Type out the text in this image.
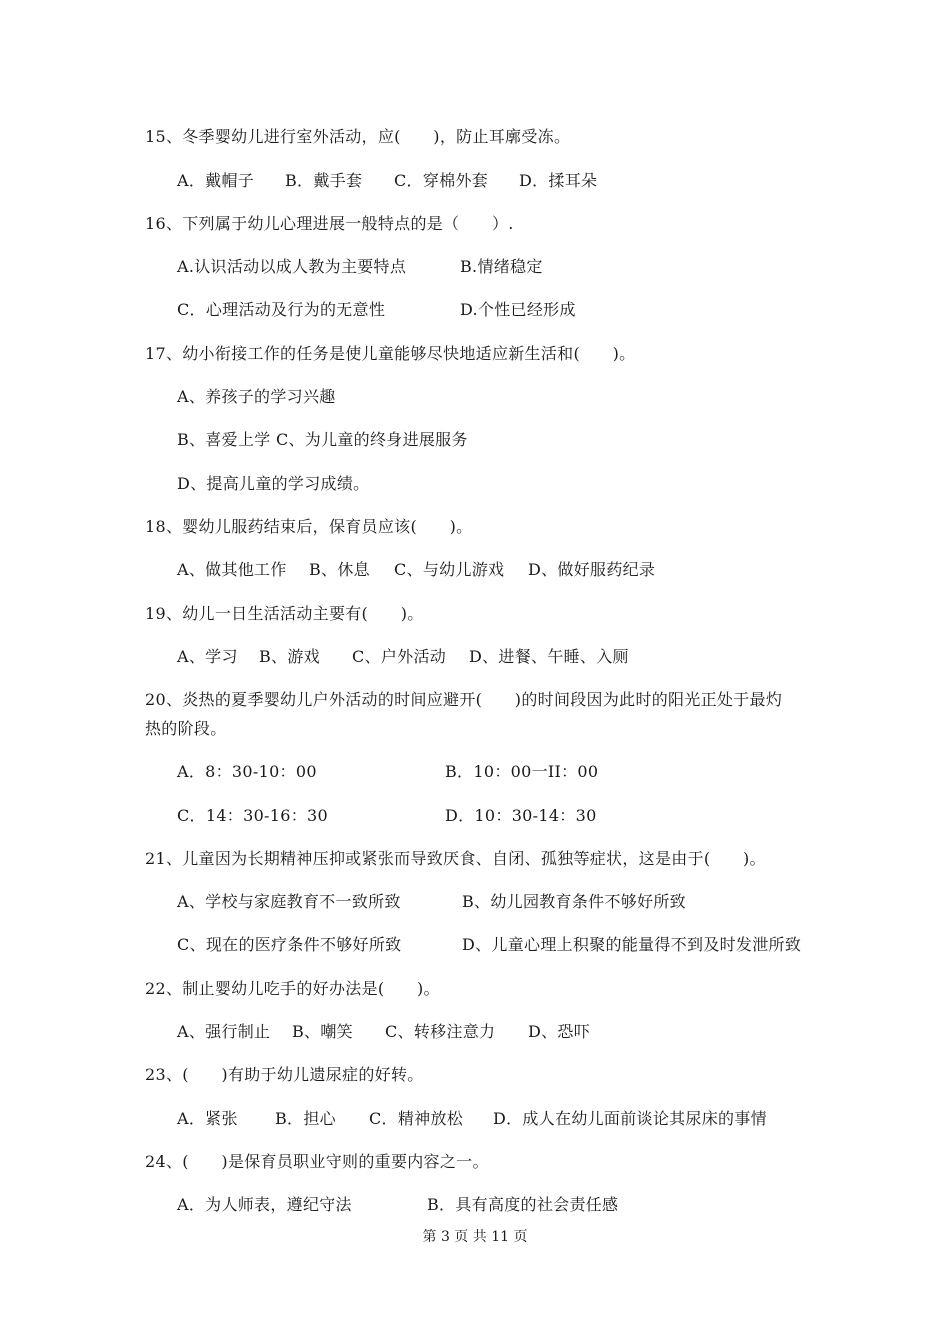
15、冬季婴幼儿进行室外活动，应(　　)，防止耳廓受冻。
A．戴帽子 B．戴手套 C．穿棉外套 D．揉耳朵
16、下列属于幼儿心理进展一般特点的是（　　）.
A.认识活动以成人教为主要特点	B.情绪稳定
C．心理活动及行为的无意性	D.个性已经形成
17、幼小衔接工作的任务是使儿童能够尽快地适应新生活和(　　)。
A、养孩子的学习兴趣
B、喜爱上学 C、为儿童的终身进展服务
D、提高儿童的学习成绩。
18、婴幼儿服药结束后，保育员应该(　　)。
A、做其他工作 B、休息 C、与幼儿游戏 D、做好服药纪录
19、幼儿一日生活活动主要有(　　)。
A、学习 B、游戏 C、户外活动 D、进餐、午睡、入厕
20、炎热的夏季婴幼儿户外活动的时间应避开(　　)的时间段因为此时的阳光正处于最灼
热的阶段。
A．8：30-10：00	B．10：00一II：00
C．14：30-16：30	D．10：30-14：30
21、儿童因为长期精神压抑或紧张而导致厌食、自闭、孤独等症状，这是由于(　　)。
A、学校与家庭教育不一致所致	B、幼儿园教育条件不够好所致
C、现在的医疗条件不够好所致	D、儿童心理上积聚的能量得不到及时发泄所致
22、制止婴幼儿吃手的好办法是(　　)。
A、强行制止 B、嘲笑 C、转移注意力 D、恐吓
23、(　　)有助于幼儿遗尿症的好转。
A．紧张 B．担心 C．精神放松 D．成人在幼儿面前谈论其尿床的事情
24、(　　)是保育员职业守则的重要内容之一。
A．为人师表，遵纪守法	B．具有高度的社会责任感
第 3 页 共 11 页
